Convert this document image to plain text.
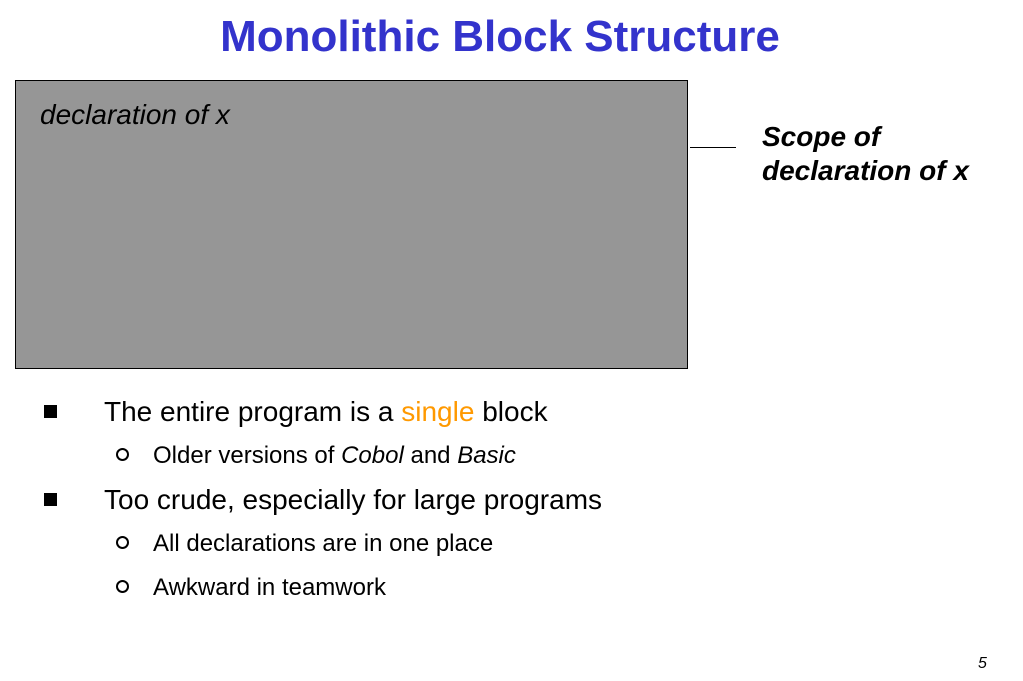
Monolithic Block Structure
declaration of x
Scope of
declaration of x
The entire program is a single block
Older versions of Cobol and Basic
Too crude, especially for large programs
All declarations are in one place
Awkward in teamwork
5
